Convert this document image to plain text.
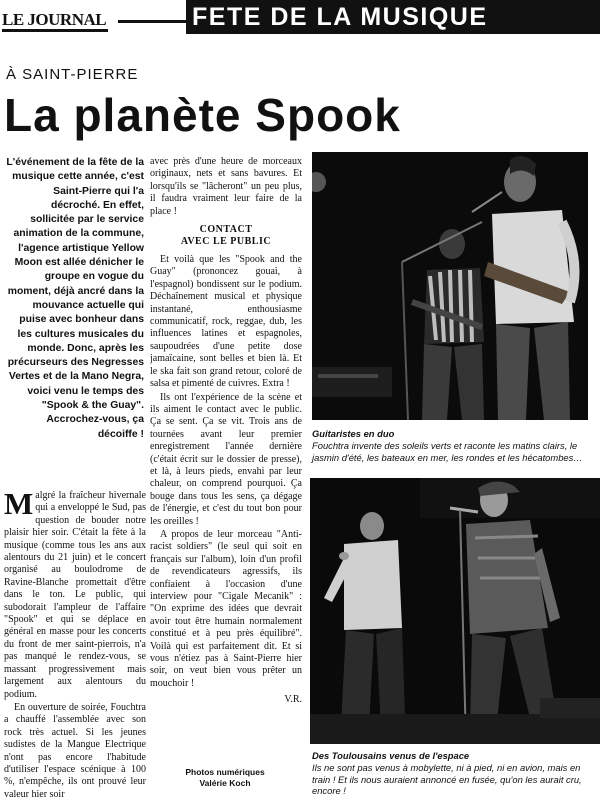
LE JOURNAL	FETE DE LA MUSIQUE
À SAINT-PIERRE
La planète Spook
L'événement de la fête de la musique cette année, c'est Saint-Pierre qui l'a décroché. En effet, sollicitée par le service animation de la commune, l'agence artistique Yellow Moon est allée dénicher le groupe en vogue du moment, déjà ancré dans la mouvance actuelle qui puise avec bonheur dans les cultures musicales du monde. Donc, après les précurseurs des Negresses Vertes et de la Mano Negra, voici venu le temps des "Spook & the Guay". Accrochez-vous, ça décoiffe !

Malgré la fraîcheur hivernale qui a enveloppé le Sud, pas question de bouder notre plaisir hier soir. C'était la fête à la musique (comme tous les ans aux alentours du 21 juin) et le concert organisé au boulodrome de Ravine-Blanche promettait d'être dans le ton. Le public, qui subodorait l'ampleur de l'affaire "Spook" et qui se déplace en général en masse pour les concerts du front de mer saint-pierrois, n'a pas manqué le rendez-vous, se massant progressivement mais largement aux alentours du podium.

En ouverture de soirée, Fouchtra a chauffé l'assemblée avec son rock très actuel. Si les jeunes sudistes de la Mangue Electrique n'ont pas encore l'habitude d'utiliser l'espace scénique à 100 %, n'empêche, ils ont prouvé leur valeur hier soir

avec près d'une heure de morceaux originaux, nets et sans bavures. Et lorsqu'ils se "lâcheront" un peu plus, il faudra vraiment leur faire de la place !

CONTACT
AVEC LE PUBLIC

Et voilà que les "Spook and the Guay" (prononcez gouai, à l'espagnol) bondissent sur le podium. Déchaînement musical et physique instantané, enthousiasme communicatif, rock, reggae, dub, les influences latines et espagnoles, saupoudrées d'une petite dose jamaïcaine, sont belles et bien là. Et le ska fait son grand retour, coloré de salsa et pimenté de cuivres. Extra !

Ils ont l'expérience de la scène et ils aiment le contact avec le public. Ça se sent. Ça se vit. Trois ans de tournées avant leur premier enregistrement l'année dernière (c'était écrit sur le dossier de presse), et là, à leurs pieds, envahi par leur chaleur, on comprend pourquoi. Ça bouge dans tous les sens, ça dégage de l'énergie, et c'est du tout bon pour les oreilles !

A propos de leur morceau "Anti-racist soldiers" (le seul qui soit en français sur l'album), loin d'un profil de revendicateurs agressifs, ils confiaient à l'occasion d'une interview pour "Cigale Mecanik" : "On exprime des idées que devrait avoir tout être humain normalement constitué et à peu près équilibré". Voilà qui est parfaitement dit. Et si vous n'étiez pas à Saint-Pierre hier soir, on veut bien vous prêter un mouchoir !

V.R.
Photos numériques
Valérie Koch
Guitaristes en duo
Fouchtra invente des soleils verts et raconte les matins clairs, le jasmin d'été, les bateaux en mer, les rondes et les hécatombes…
Des Toulousains venus de l'espace
Ils ne sont pas venus à mobylette, ni à pied, ni en avion, mais en train ! Et ils nous auraient annoncé en fusée, qu'on les aurait cru, encore !
